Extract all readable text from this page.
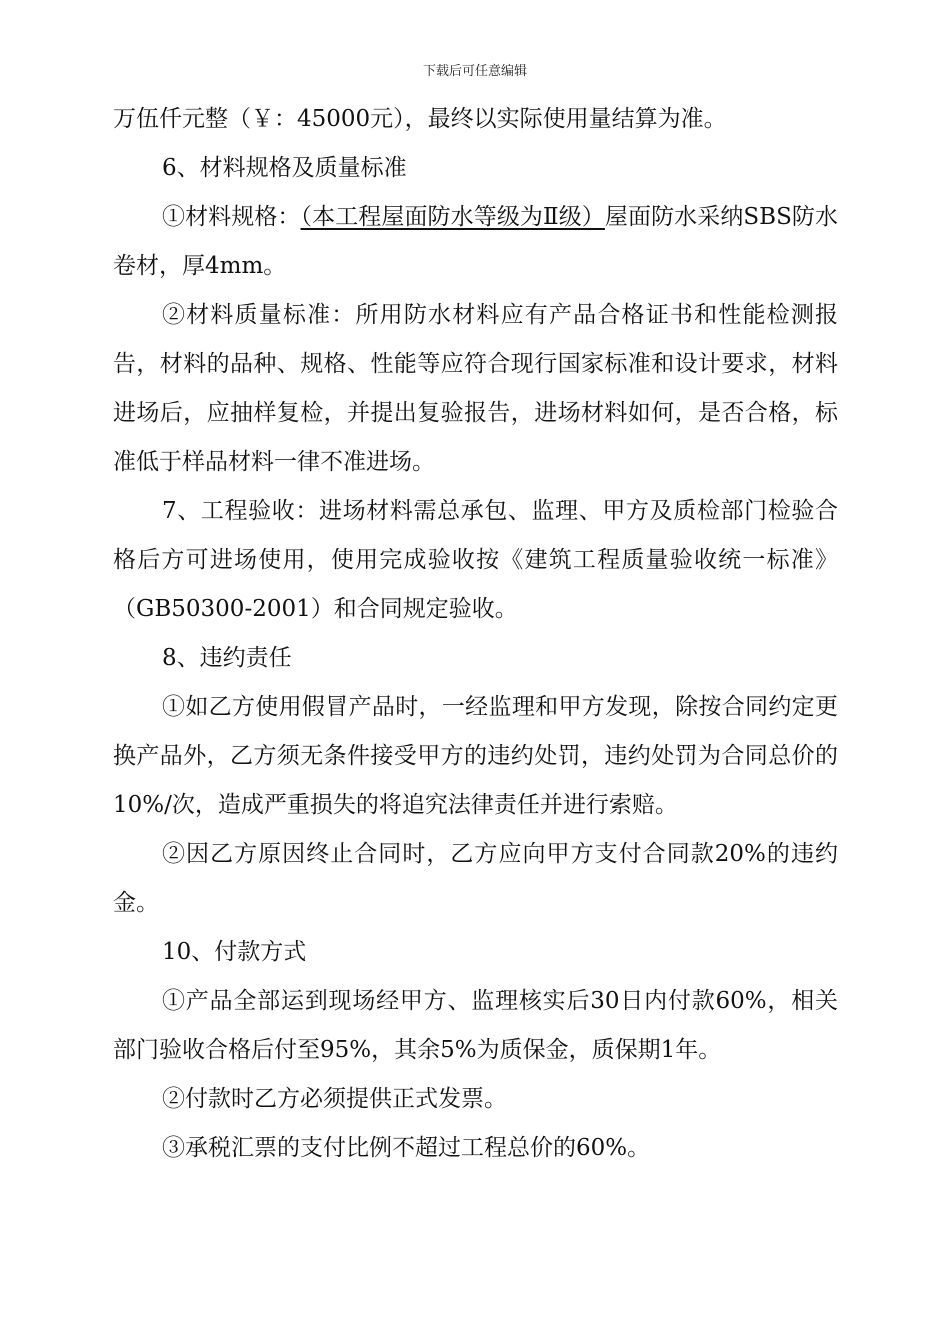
下载后可任意编辑

万伍仟元整（￥：45000元），最终以实际使用量结算为准。

6、材料规格及质量标准

①材料规格：（本工程屋面防水等级为Ⅱ级）屋面防水采纳SBS防水卷材，厚4mm。

②材料质量标准：所用防水材料应有产品合格证书和性能检测报告，材料的品种、规格、性能等应符合现行国家标准和设计要求，材料进场后，应抽样复检，并提出复验报告，进场材料如何，是否合格，标准低于样品材料一律不准进场。

7、工程验收：进场材料需总承包、监理、甲方及质检部门检验合格后方可进场使用，使用完成验收按《建筑工程质量验收统一标准》（GB50300-2001）和合同规定验收。

8、违约责任

①如乙方使用假冒产品时，一经监理和甲方发现，除按合同约定更换产品外，乙方须无条件接受甲方的违约处罚，违约处罚为合同总价的10%/次，造成严重损失的将追究法律责任并进行索赔。

②因乙方原因终止合同时，乙方应向甲方支付合同款20%的违约金。

10、付款方式

①产品全部运到现场经甲方、监理核实后30日内付款60%，相关部门验收合格后付至95%，其余5%为质保金，质保期1年。

②付款时乙方必须提供正式发票。

③承税汇票的支付比例不超过工程总价的60%。
